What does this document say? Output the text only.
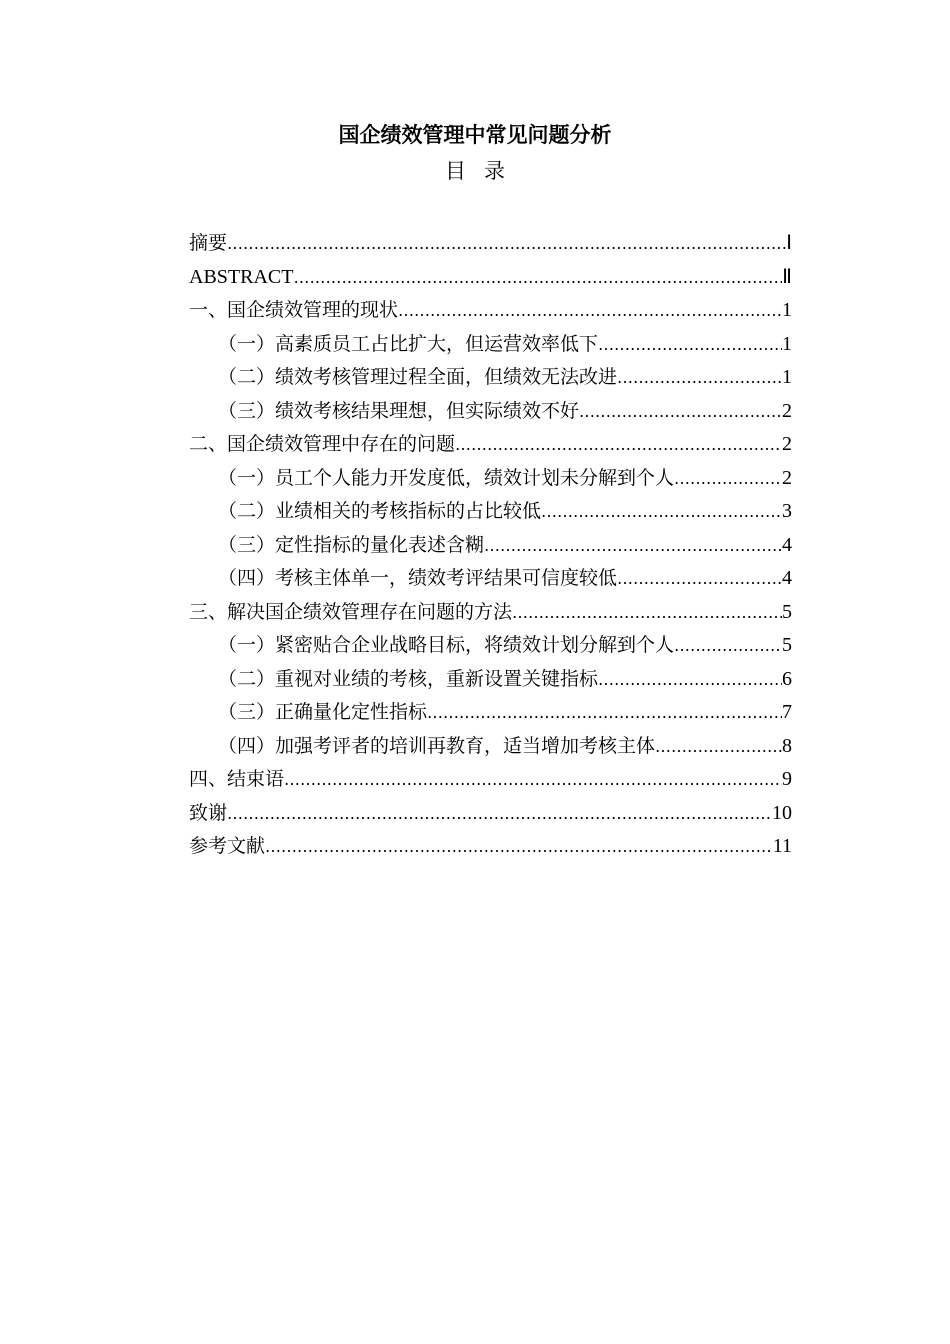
国企绩效管理中常见问题分析
目录
摘要 ……………………………………………………………………………………………………………………………………………………	Ⅰ
ABSTRACT ……………………………………………………………………………………………………………………………………………………	Ⅱ
一、国企绩效管理的现状 ……………………………………………………………………………………………………………………………………………………	1
（一）高素质员工占比扩大，但运营效率低下 ……………………………………………………………………………………………………………………………………………………	1
（二）绩效考核管理过程全面，但绩效无法改进 ……………………………………………………………………………………………………………………………………………………	1
（三）绩效考核结果理想，但实际绩效不好 ……………………………………………………………………………………………………………………………………………………	2
二、国企绩效管理中存在的问题 ……………………………………………………………………………………………………………………………………………………	2
（一）员工个人能力开发度低，绩效计划未分解到个人 ……………………………………………………………………………………………………………………………………………………	2
（二）业绩相关的考核指标的占比较低 ……………………………………………………………………………………………………………………………………………………	3
（三）定性指标的量化表述含糊 ……………………………………………………………………………………………………………………………………………………	4
（四）考核主体单一，绩效考评结果可信度较低 ……………………………………………………………………………………………………………………………………………………	4
三、解决国企绩效管理存在问题的方法 ……………………………………………………………………………………………………………………………………………………	5
（一）紧密贴合企业战略目标，将绩效计划分解到个人 ……………………………………………………………………………………………………………………………………………………	5
（二）重视对业绩的考核，重新设置关键指标 ……………………………………………………………………………………………………………………………………………………	6
（三）正确量化定性指标 ……………………………………………………………………………………………………………………………………………………	7
（四）加强考评者的培训再教育，适当增加考核主体 ……………………………………………………………………………………………………………………………………………………	8
四、结束语 ……………………………………………………………………………………………………………………………………………………	9
致谢 ……………………………………………………………………………………………………………………………………………………	10
参考文献 ……………………………………………………………………………………………………………………………………………………	11
